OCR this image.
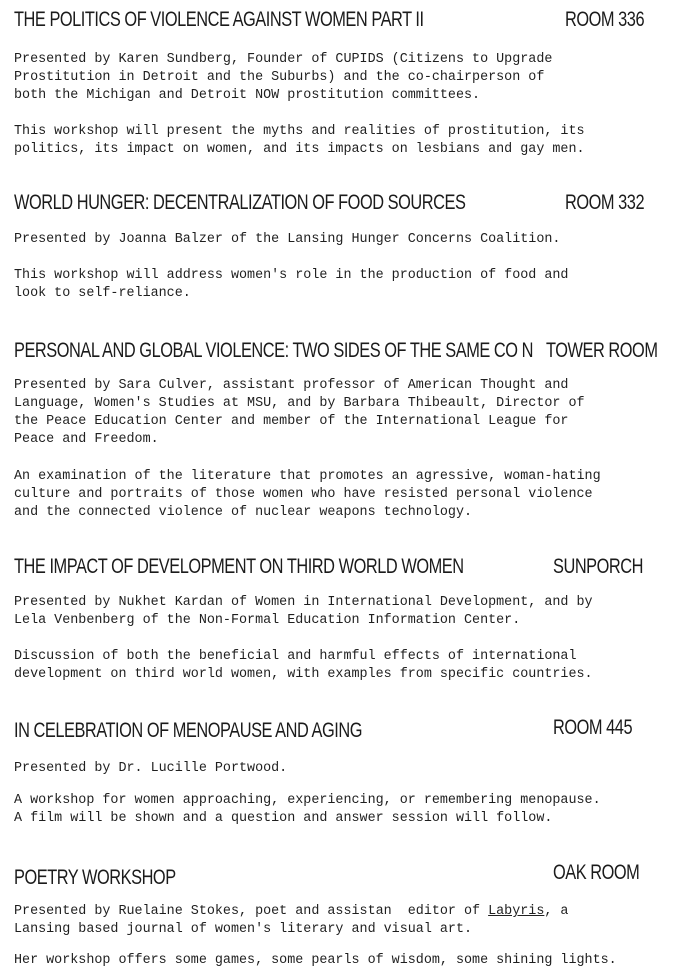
THE POLITICS OF VIOLENCE AGAINST WOMEN PART II	ROOM 336

Presented by Karen Sundberg, Founder of CUPIDS (Citizens to Upgrade
Prostitution in Detroit and the Suburbs) and the co-chairperson of
both the Michigan and Detroit NOW prostitution committees.

This workshop will present the myths and realities of prostitution, its
politics, its impact on women, and its impacts on lesbians and gay men.

WORLD HUNGER: DECENTRALIZATION OF FOOD SOURCES	ROOM 332

Presented by Joanna Balzer of the Lansing Hunger Concerns Coalition.

This workshop will address women's role in the production of food and
look to self-reliance.

PERSONAL AND GLOBAL VIOLENCE: TWO SIDES OF THE SAME CO N TOWER ROOM

Presented by Sara Culver, assistant professor of American Thought and
Language, Women's Studies at MSU, and by Barbara Thibeault, Director of
the Peace Education Center and member of the International League for
Peace and Freedom.

An examination of the literature that promotes an agressive, woman-hating
culture and portraits of those women who have resisted personal violence
and the connected violence of nuclear weapons technology.

THE IMPACT OF DEVELOPMENT ON THIRD WORLD WOMEN	SUNPORCH

Presented by Nukhet Kardan of Women in International Development, and by
Lela Venbenberg of the Non-Formal Education Information Center.

Discussion of both the beneficial and harmful effects of international
development on third world women, with examples from specific countries.

IN CELEBRATION OF MENOPAUSE AND AGING	ROOM 445

Presented by Dr. Lucille Portwood.

A workshop for women approaching, experiencing, or remembering menopause.
A film will be shown and a question and answer session will follow.

POETRY WORKSHOP	OAK ROOM

Presented by Ruelaine Stokes, poet and assistan  editor of Labyris, a
Lansing based journal of women's literary and visual art.

Her workshop offers some games, some pearls of wisdom, some shining lights.
